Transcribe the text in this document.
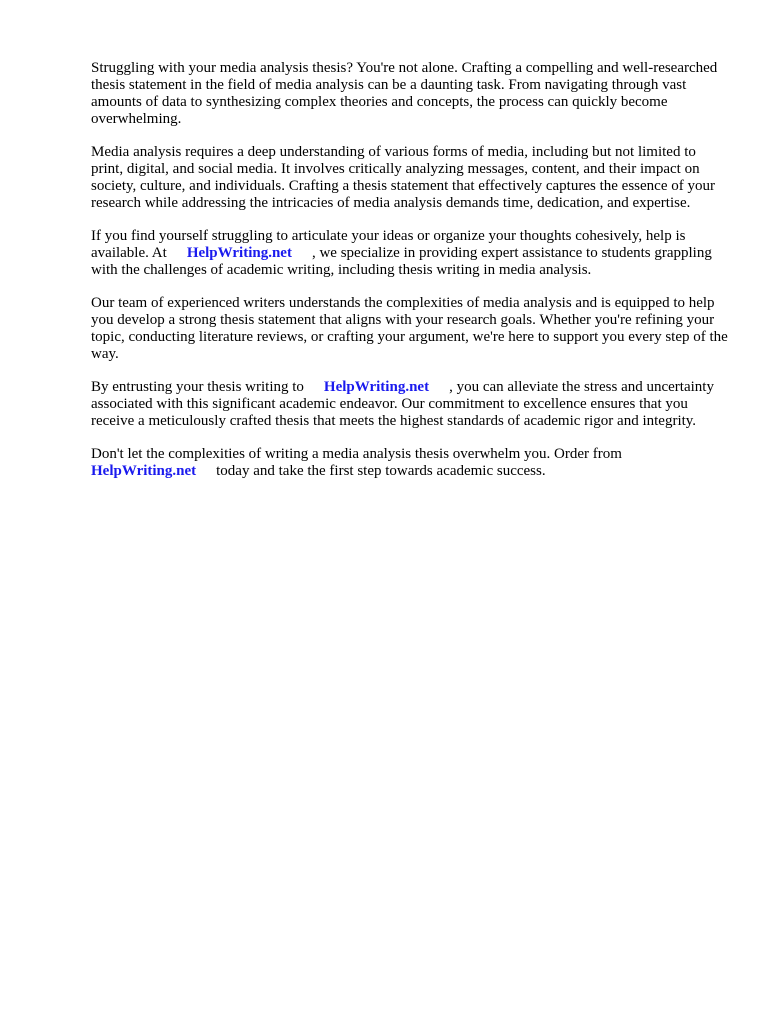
Struggling with your media analysis thesis? You're not alone. Crafting a compelling and well-researched thesis statement in the field of media analysis can be a daunting task. From navigating through vast amounts of data to synthesizing complex theories and concepts, the process can quickly become overwhelming.

Media analysis requires a deep understanding of various forms of media, including but not limited to print, digital, and social media. It involves critically analyzing messages, content, and their impact on society, culture, and individuals. Crafting a thesis statement that effectively captures the essence of your research while addressing the intricacies of media analysis demands time, dedication, and expertise.

If you find yourself struggling to articulate your ideas or organize your thoughts cohesively, help is available. At HelpWriting.net , we specialize in providing expert assistance to students grappling with the challenges of academic writing, including thesis writing in media analysis.

Our team of experienced writers understands the complexities of media analysis and is equipped to help you develop a strong thesis statement that aligns with your research goals. Whether you're refining your topic, conducting literature reviews, or crafting your argument, we're here to support you every step of the way.

By entrusting your thesis writing to HelpWriting.net , you can alleviate the stress and uncertainty associated with this significant academic endeavor. Our commitment to excellence ensures that you receive a meticulously crafted thesis that meets the highest standards of academic rigor and integrity.

Don't let the complexities of writing a media analysis thesis overwhelm you. Order from HelpWriting.net today and take the first step towards academic success.
